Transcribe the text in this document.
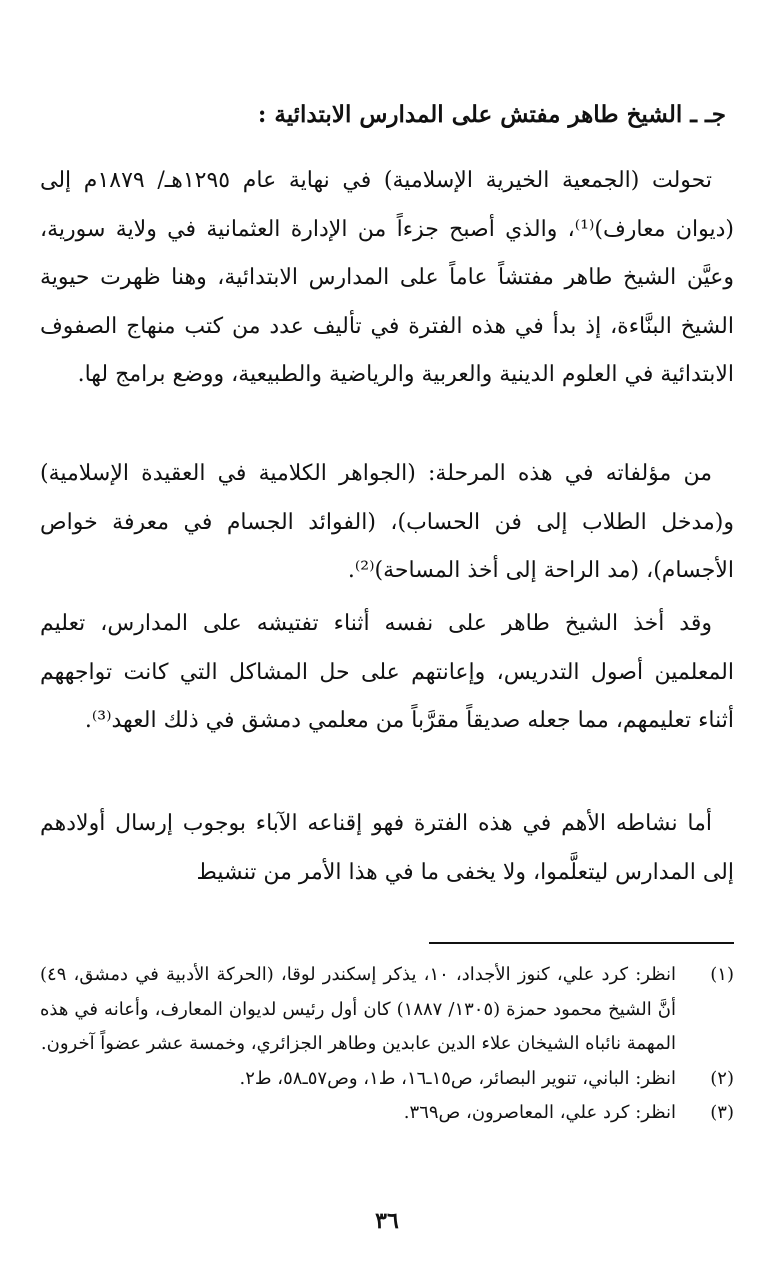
جـ ـ الشيخ طاهر مفتش على المدارس الابتدائية :

تحولت (الجمعية الخيرية الإسلامية) في نهاية عام ١٢٩٥هـ/ ١٨٧٩م إلى (ديوان معارف)⁽¹⁾، والذي أصبح جزءاً من الإدارة العثمانية في ولاية سورية، وعيَّن الشيخ طاهر مفتشاً عاماً على المدارس الابتدائية، وهنا ظهرت حيوية الشيخ البنَّاءة، إذ بدأ في هذه الفترة في تأليف عدد من كتب منهاج الصفوف الابتدائية في العلوم الدينية والعربية والرياضية والطبيعية، ووضع برامج لها.

من مؤلفاته في هذه المرحلة: (الجواهر الكلامية في العقيدة الإسلامية) و(مدخل الطلاب إلى فن الحساب)، (الفوائد الجسام في معرفة خواص الأجسام)، (مد الراحة إلى أخذ المساحة)⁽²⁾.

وقد أخذ الشيخ طاهر على نفسه أثناء تفتيشه على المدارس، تعليم المعلمين أصول التدريس، وإعانتهم على حل المشاكل التي كانت تواجههم أثناء تعليمهم، مما جعله صديقاً مقرَّباً من معلمي دمشق في ذلك العهد⁽³⁾.

أما نشاطه الأهم في هذه الفترة فهو إقناعه الآباء بوجوب إرسال أولادهم إلى المدارس ليتعلَّموا، ولا يخفى ما في هذا الأمر من تنشيط

(١)
انظر: كرد علي، كنوز الأجداد، ١٠، يذكر إسكندر لوقا، (الحركة الأدبية في دمشق، ٤٩) أنَّ الشيخ محمود حمزة (١٣٠٥/ ١٨٨٧) كان أول رئيس لديوان المعارف، وأعانه في هذه المهمة نائباه الشيخان علاء الدين عابدين وطاهر الجزائري، وخمسة عشر عضواً آخرون.
(٢)
انظر: الباني، تنوير البصائر، ص١٥ـ١٦، ط١، وص٥٧ـ٥٨، ط٢.
(٣)
انظر: كرد علي، المعاصرون، ص٣٦٩.
٣٦
